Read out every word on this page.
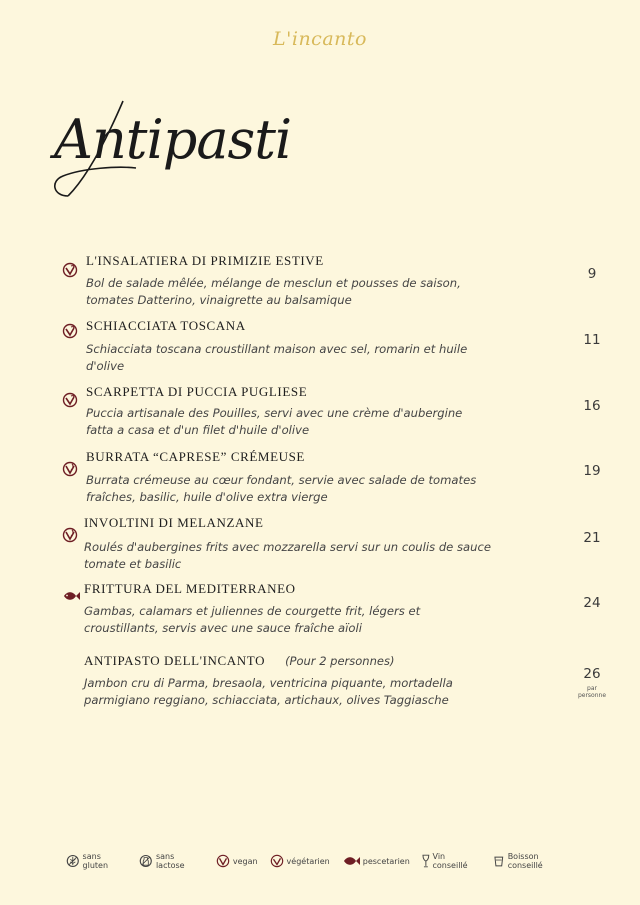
L'incanto
Antipasti
L'INSALATIERA DI PRIMIZIE ESTIVE
Bol de salade mêlée, mélange de mesclun et pousses de saison,
tomates Datterino, vinaigrette au balsamique
9
SCHIACCIATA TOSCANA
Schiacciata toscana croustillant maison avec sel, romarin et huile
d'olive
11
SCARPETTA DI PUCCIA PUGLIESE
Puccia artisanale des Pouilles, servi avec une crème d'aubergine
fatta a casa et d'un filet d'huile d'olive
16
BURRATA “CAPRESE” CRÉMEUSE
Burrata crémeuse au cœur fondant, servie avec salade de tomates
fraîches, basilic, huile d'olive extra vierge
19
INVOLTINI DI MELANZANE
Roulés d'aubergines frits avec mozzarella servi sur un coulis de sauce
tomate et basilic
21
FRITTURA DEL MEDITERRANEO
Gambas, calamars et juliennes de courgette frit, légers et
croustillants, servis avec une sauce fraîche aïoli
24
ANTIPASTO DELL'INCANTO (Pour 2 personnes)
Jambon cru di Parma, bresaola, ventricina piquante, mortadella
parmigiano reggiano, schiacciata, artichaux, olives Taggiasche
26
par
personne
sans gluten
sans lactose	vegan	végétarien	pescetarien	Vin conseillé
Boisson conseillé
